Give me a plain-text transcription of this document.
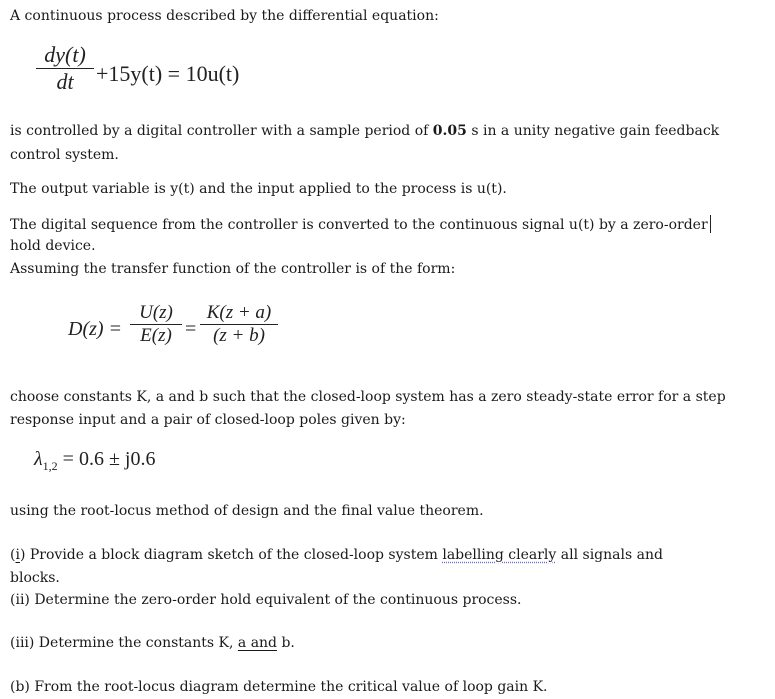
A continuous process described by the differential equation:
dy(t)
dt	+15y(t) = 10u(t)
is controlled by a digital controller with a sample period of 0.05 s in a unity negative gain feedback
control system.
The output variable is y(t) and the input applied to the process is u(t).
The digital sequence from the controller is converted to the continuous signal u(t) by a zero-order
hold device.
Assuming the transfer function of the controller is of the form:
D(z) =
U(z)
E(z) =
K(z + a)
(z + b)
choose constants K, a and b such that the closed-loop system has a zero steady-state error for a step
response input and a pair of closed-loop poles given by:
$\lambda_{1,2} = 0.6 \pm j0.6$
using the root-locus method of design and the final value theorem.
(i) Provide a block diagram sketch of the closed-loop system labelling clearly all signals and
blocks.
(ii) Determine the zero-order hold equivalent of the continuous process.
(iii) Determine the constants K, a and b.
(b) From the root-locus diagram determine the critical value of loop gain K.
